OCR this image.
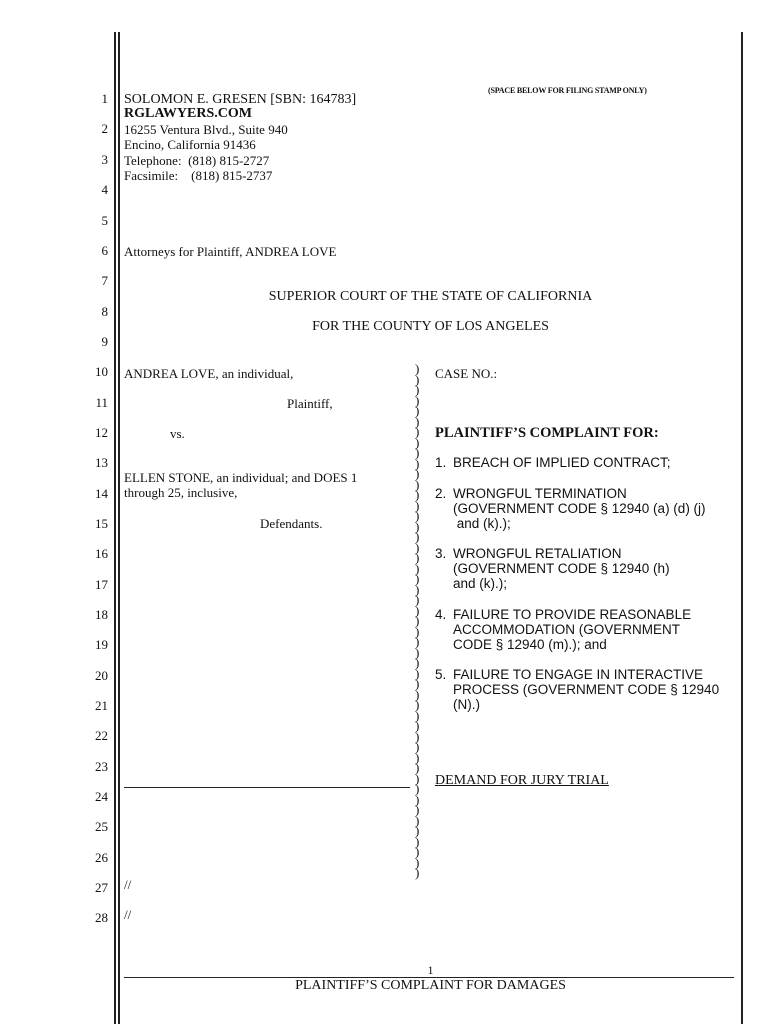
1
2
3
4
5
6
7
8
9
10
11
12
13
14
15
16
17
18
19
20
21
22
23
24
25
26
27
28
(SPACE BELOW FOR FILING STAMP ONLY)
SOLOMON E. GRESEN [SBN: 164783]
RGLAWYERS.COM
16255 Ventura Blvd., Suite 940
Encino, California 91436
Telephone:  (818) 815-2727
Facsimile:    (818) 815-2737
Attorneys for Plaintiff, ANDREA LOVE
SUPERIOR COURT OF THE STATE OF CALIFORNIA
FOR THE COUNTY OF LOS ANGELES
ANDREA LOVE, an individual,
Plaintiff,
vs.
ELLEN STONE, an individual; and DOES 1
through 25, inclusive,
Defendants.
)
)
)
)
)
)
)
)
)
)
)
)
)
)
)
)
)
)
)
)
)
)
)
)
)
)
)
)
)
)
)
)
)
)
)
)
)
)
)
)
)
)
)
)
)
)
)
)
)
CASE NO.:
PLAINTIFF’S COMPLAINT FOR:
1. BREACH OF IMPLIED CONTRACT;
2. WRONGFUL TERMINATION
(GOVERNMENT CODE § 12940 (a) (d) (j)
and (k).);
3. WRONGFUL RETALIATION
(GOVERNMENT CODE § 12940 (h)
and (k).);
4. FAILURE TO PROVIDE REASONABLE
ACCOMMODATION (GOVERNMENT
CODE § 12940 (m).); and
5. FAILURE TO ENGAGE IN INTERACTIVE
PROCESS (GOVERNMENT CODE § 12940
(N).)
DEMAND FOR JURY TRIAL
//
//
1
PLAINTIFF’S COMPLAINT FOR DAMAGES
